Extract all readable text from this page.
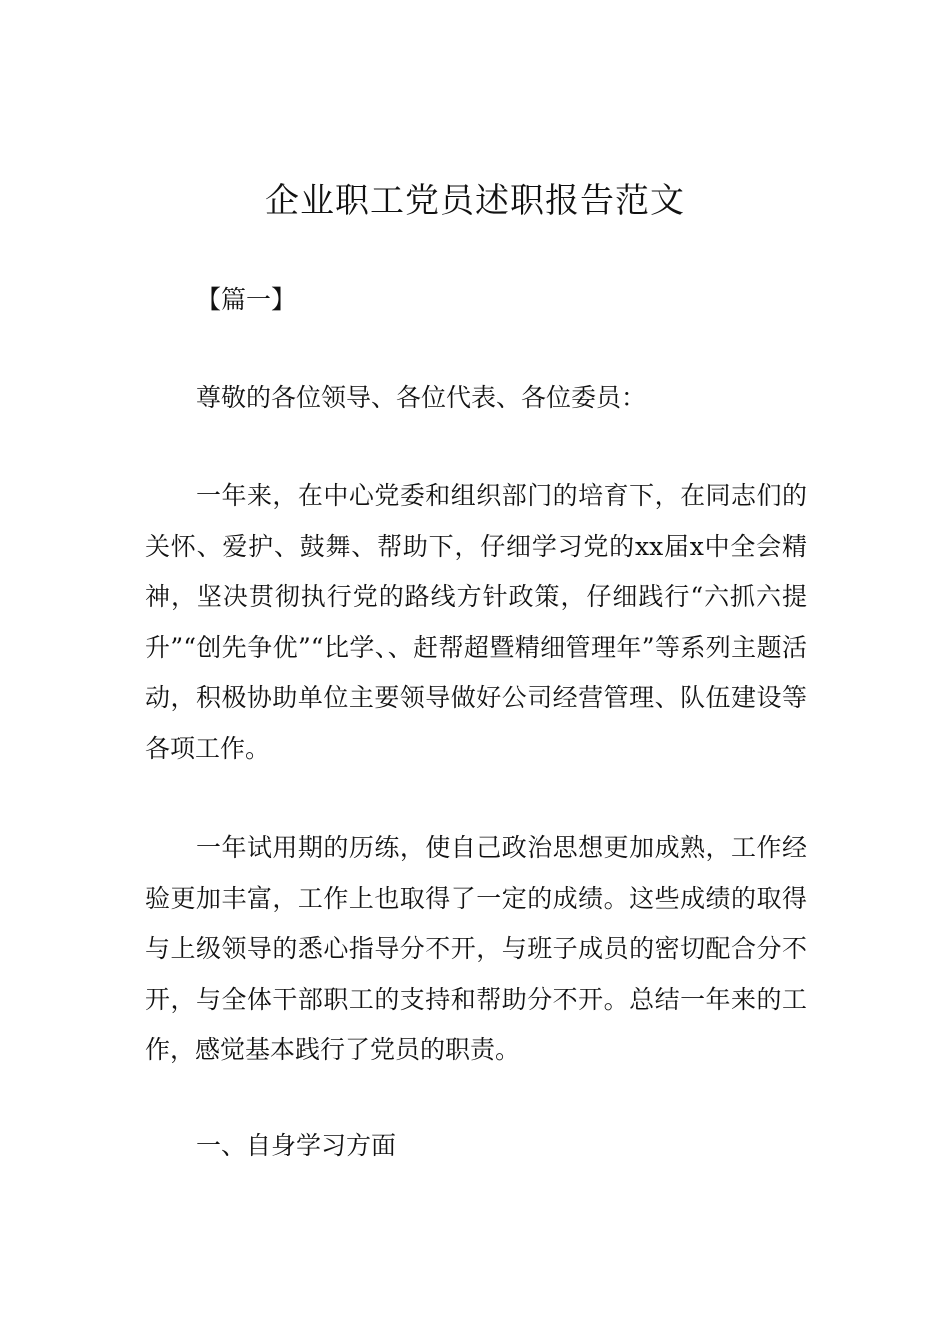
企业职工党员述职报告范文
【篇一】

尊敬的各位领导、各位代表、各位委员：

一年来，在中心党委和组织部门的培育下，在同志们的关怀、爱护、鼓舞、帮助下，仔细学习党的xx届x中全会精神，坚决贯彻执行党的路线方针政策，仔细践行“六抓六提升”“创先争优”“比学、、赶帮超暨精细管理年”等系列主题活动，积极协助单位主要领导做好公司经营管理、队伍建设等各项工作。

一年试用期的历练，使自己政治思想更加成熟，工作经验更加丰富，工作上也取得了一定的成绩。这些成绩的取得与上级领导的悉心指导分不开，与班子成员的密切配合分不开，与全体干部职工的支持和帮助分不开。总结一年来的工作，感觉基本践行了党员的职责。

一、自身学习方面
